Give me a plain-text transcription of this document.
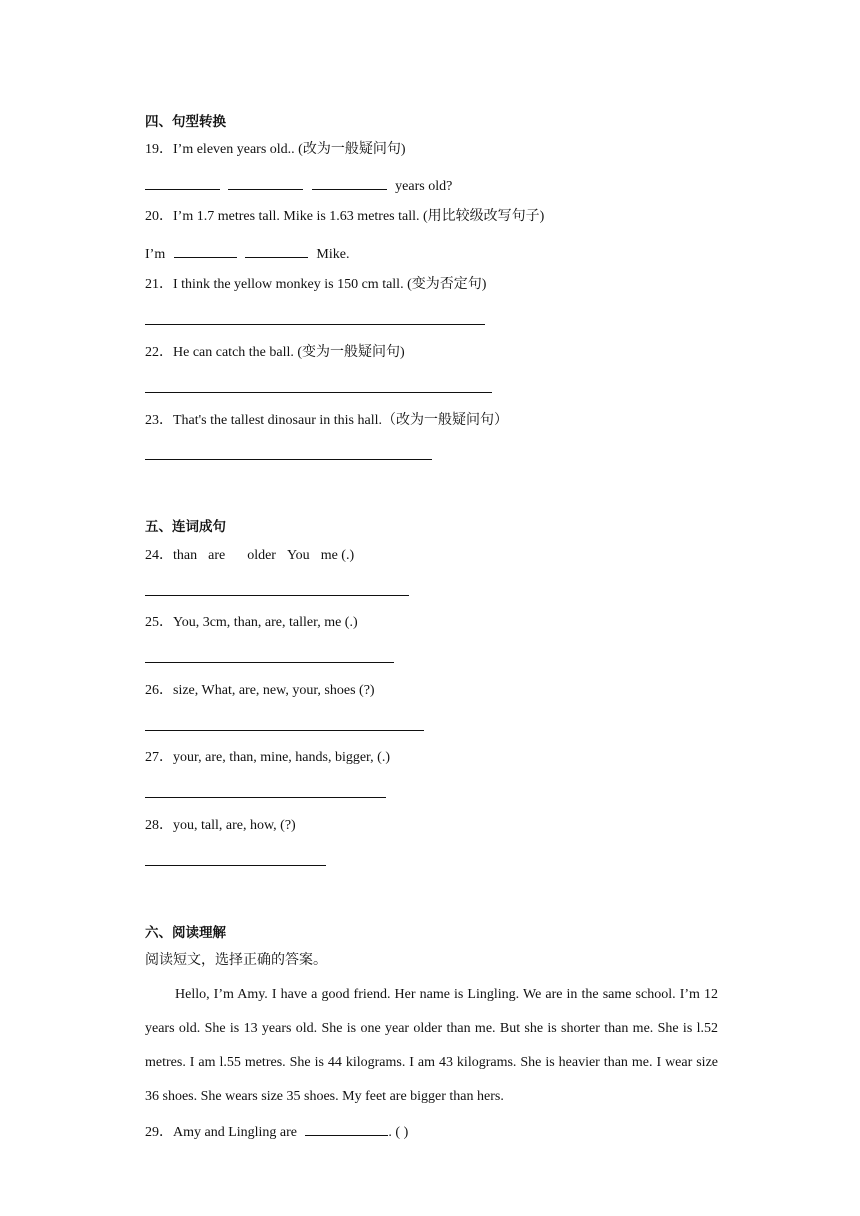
四、句型转换
19．I’m eleven years old.. (改为一般疑问句)
years old?
20．I’m 1.7 metres tall. Mike is 1.63 metres tall. (用比较级改写句子)
I’m	Mike.
21．I think the yellow monkey is 150 cm tall. (变为否定句)
22．He can catch the ball. (变为一般疑问句)
23．That's the tallest dinosaur in this hall.（改为一般疑问句）
五、连词成句
24．than are older You me (.)
25．You, 3cm, than, are, taller, me (.)
26．size, What, are, new, your, shoes (?)
27．your, are, than, mine, hands, bigger, (.)
28．you, tall, are, how, (?)
六、阅读理解
阅读短文，选择正确的答案。
Hello, I’m Amy. I have a good friend. Her name is Lingling. We are in the same school. I’m 12 years old. She is 13 years old. She is one year older than me. But she is shorter than me. She is l.52 metres. I am l.55 metres. She is 44 kilograms. I am 43 kilograms. She is heavier than me. I wear size 36 shoes. She wears size 35 shoes. My feet are bigger than hers.
29．Amy and Lingling are	. ( )
